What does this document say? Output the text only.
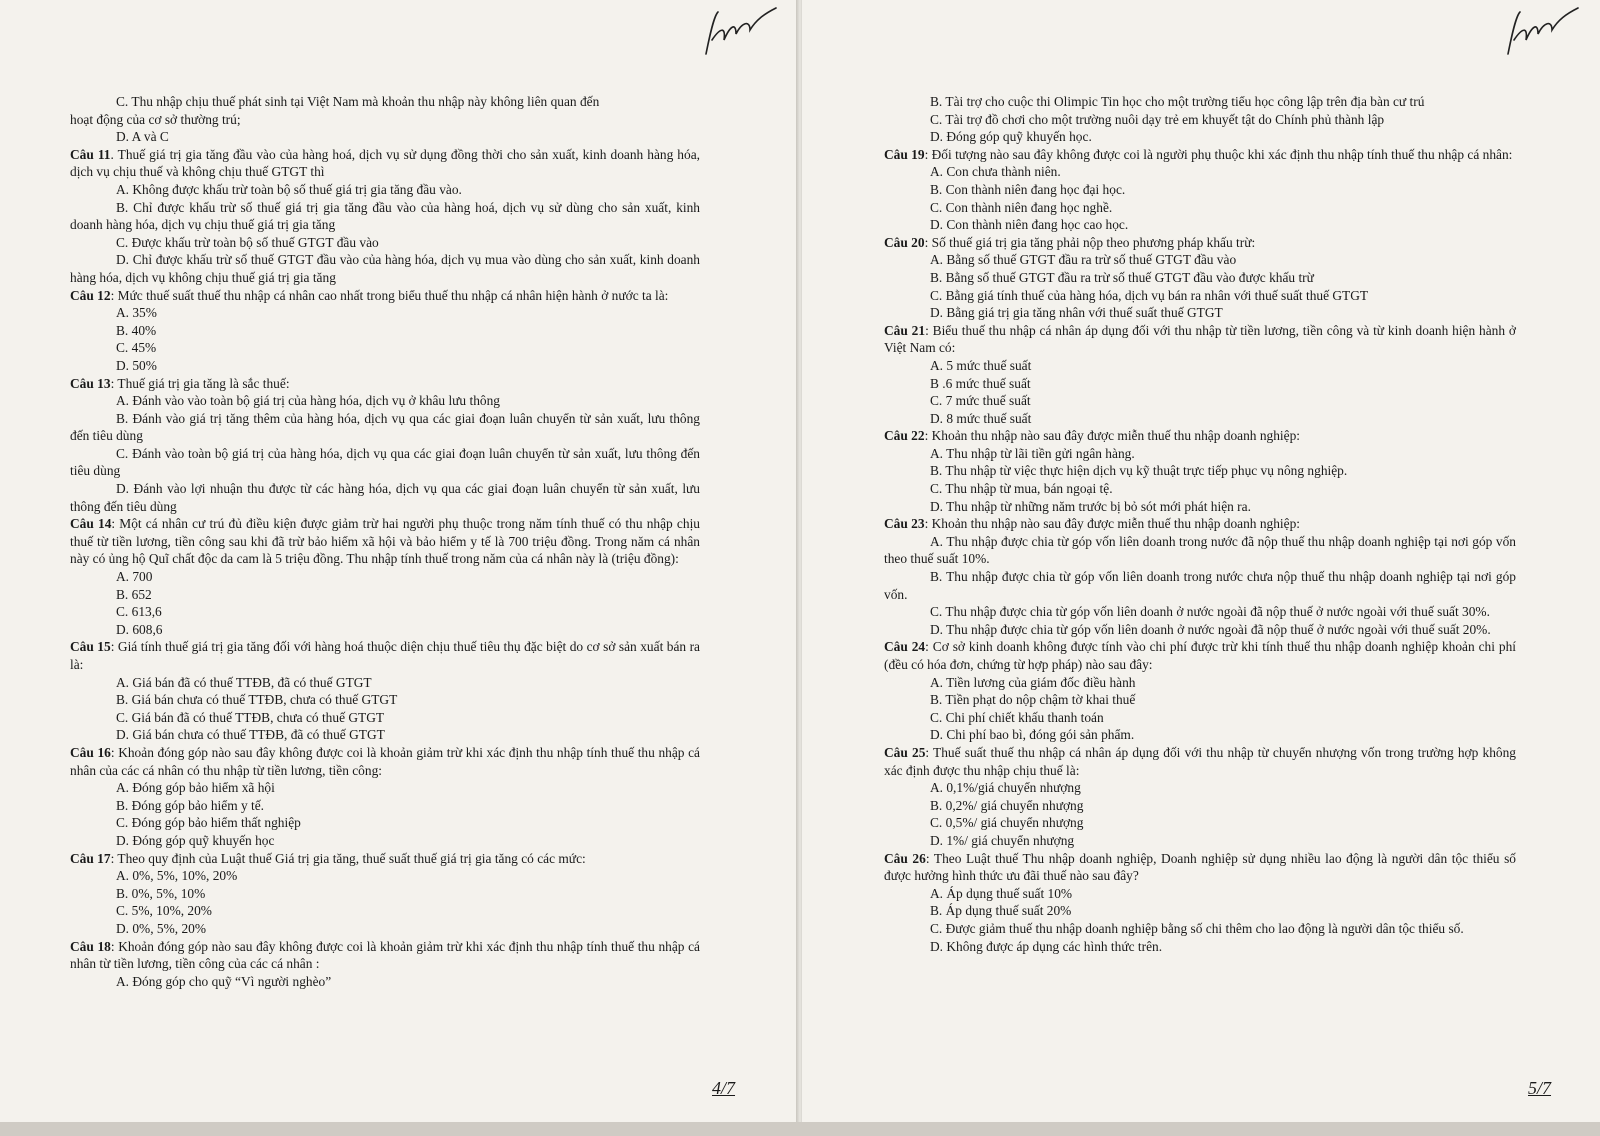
C. Thu nhập chịu thuế phát sinh tại Việt Nam mà khoản thu nhập này không liên quan đến

hoạt động của cơ sở thường trú;

D. A và C

Câu 11. Thuế giá trị gia tăng đầu vào của hàng hoá, dịch vụ sử dụng đồng thời cho sản xuất, kinh doanh hàng hóa, dịch vụ chịu thuế và không chịu thuế GTGT thì

A. Không được khấu trừ toàn bộ số thuế giá trị gia tăng đầu vào.

B. Chỉ được khấu trừ số thuế giá trị gia tăng đầu vào của hàng hoá, dịch vụ sử dùng cho sản xuất, kinh doanh hàng hóa, dịch vụ chịu thuế giá trị gia tăng

C. Được khấu trừ toàn bộ số thuế GTGT đầu vào

D. Chỉ được khấu trừ số thuế GTGT đầu vào của hàng hóa, dịch vụ mua vào dùng cho sản xuất, kinh doanh hàng hóa, dịch vụ không chịu thuế giá trị gia tăng

Câu 12: Mức thuế suất thuế thu nhập cá nhân cao nhất trong biểu thuế thu nhập cá nhân hiện hành ở nước ta là:

A. 35%

B. 40%

C. 45%

D. 50%

Câu 13: Thuế giá trị gia tăng là sắc thuế:

A. Đánh vào vào toàn bộ giá trị của hàng hóa, dịch vụ ở khâu lưu thông

B. Đánh vào giá trị tăng thêm của hàng hóa, dịch vụ qua các giai đoạn luân chuyển từ sản xuất, lưu thông đến tiêu dùng

C. Đánh vào toàn bộ giá trị của hàng hóa, dịch vụ qua các giai đoạn luân chuyển từ sản xuất, lưu thông đến tiêu dùng

D. Đánh vào lợi nhuận thu được từ các hàng hóa, dịch vụ qua các giai đoạn luân chuyển từ sản xuất, lưu thông đến tiêu dùng

Câu 14: Một cá nhân cư trú đủ điều kiện được giảm trừ hai người phụ thuộc trong năm tính thuế có thu nhập chịu thuế từ tiền lương, tiền công sau khi đã trừ bảo hiểm xã hội và bảo hiểm y tế là 700 triệu đồng. Trong năm cá nhân này có ủng hộ Quĩ chất độc da cam là 5 triệu đồng. Thu nhập tính thuế trong năm của cá nhân này là (triệu đồng):

A. 700

B. 652

C. 613,6

D. 608,6

Câu 15: Giá tính thuế giá trị gia tăng đối với hàng hoá thuộc diện chịu thuế tiêu thụ đặc biệt do cơ sở sản xuất bán ra là:

A. Giá bán đã có thuế TTĐB, đã có thuế GTGT

B. Giá bán chưa có thuế TTĐB, chưa có thuế GTGT

C. Giá bán đã có thuế TTĐB, chưa có thuế GTGT

D. Giá bán chưa có thuế TTĐB, đã có thuế GTGT

Câu 16: Khoản đóng góp nào sau đây không được coi là khoản giảm trừ khi xác định thu nhập tính thuế thu nhập cá nhân của các cá nhân có thu nhập từ tiền lương, tiền công:

A. Đóng góp bảo hiểm xã hội

B. Đóng góp bảo hiểm y tế.

C. Đóng góp bảo hiểm thất nghiệp

D. Đóng góp quỹ khuyến học

Câu 17: Theo quy định của Luật thuế Giá trị gia tăng, thuế suất thuế giá trị gia tăng có các mức:

A. 0%, 5%, 10%, 20%

B. 0%, 5%, 10%

C. 5%, 10%, 20%

D. 0%, 5%, 20%

Câu 18: Khoản đóng góp nào sau đây không được coi là khoản giảm trừ khi xác định thu nhập tính thuế thu nhập cá nhân từ tiền lương, tiền công của các cá nhân :

A. Đóng góp cho quỹ “Vì người nghèo”

4/7

B. Tài trợ cho cuộc thi Olimpic Tin học cho một trường tiểu học công lập trên địa bàn cư trú

C. Tài trợ đồ chơi cho một trường nuôi dạy trẻ em khuyết tật do Chính phủ thành lập

D. Đóng góp quỹ khuyến học.

Câu 19: Đối tượng nào sau đây không được coi là người phụ thuộc khi xác định thu nhập tính thuế thu nhập cá nhân:

A. Con chưa thành niên.

B. Con thành niên đang học đại học.

C. Con thành niên đang học nghề.

D. Con thành niên đang học cao học.

Câu 20: Số thuế giá trị gia tăng phải nộp theo phương pháp khấu trừ:

A. Bằng số thuế GTGT đầu ra trừ số thuế GTGT đầu vào

B. Bằng số thuế GTGT đầu ra trừ số thuế GTGT đầu vào được khấu trừ

C. Bằng giá tính thuế của hàng hóa, dịch vụ bán ra nhân với thuế suất thuế GTGT

D. Bằng giá trị gia tăng nhân với thuế suất thuế GTGT

Câu 21: Biểu thuế thu nhập cá nhân áp dụng đối với thu nhập từ tiền lương, tiền công và từ kinh doanh hiện hành ở Việt Nam có:

A. 5 mức thuế suất

B .6 mức thuế suất

C. 7 mức thuế suất

D. 8 mức thuế suất

Câu 22: Khoản thu nhập nào sau đây được miễn thuế thu nhập doanh nghiệp:

A. Thu nhập từ lãi tiền gửi ngân hàng.

B. Thu nhập từ việc thực hiện dịch vụ kỹ thuật trực tiếp phục vụ nông nghiệp.

C. Thu nhập từ mua, bán ngoại tệ.

D. Thu nhập từ những năm trước bị bỏ sót mới phát hiện ra.

Câu 23: Khoản thu nhập nào sau đây được miễn thuế thu nhập doanh nghiệp:

A. Thu nhập được chia từ góp vốn liên doanh trong nước đã nộp thuế thu nhập doanh nghiệp tại nơi góp vốn theo thuế suất 10%.

B. Thu nhập được chia từ góp vốn liên doanh trong nước chưa nộp thuế thu nhập doanh nghiệp tại nơi góp vốn.

C. Thu nhập được chia từ góp vốn liên doanh ở nước ngoài đã nộp thuế ở nước ngoài với thuế suất 30%.

D. Thu nhập được chia từ góp vốn liên doanh ở nước ngoài đã nộp thuế ở nước ngoài với thuế suất 20%.

Câu 24: Cơ sở kinh doanh không được tính vào chi phí được trừ khi tính thuế thu nhập doanh nghiệp khoản chi phí (đều có hóa đơn, chứng từ hợp pháp) nào sau đây:

A. Tiền lương của giám đốc điều hành

B. Tiền phạt do nộp chậm tờ khai thuế

C. Chi phí chiết khấu thanh toán

D. Chi phí bao bì, đóng gói sản phẩm.

Câu 25: Thuế suất thuế thu nhập cá nhân áp dụng đối với thu nhập từ chuyển nhượng vốn trong trường hợp không xác định được thu nhập chịu thuế là:

A. 0,1%/giá chuyển nhượng

B. 0,2%/ giá chuyển nhượng

C. 0,5%/ giá chuyển nhượng

D. 1%/ giá chuyển nhượng

Câu 26: Theo Luật thuế Thu nhập doanh nghiệp, Doanh nghiệp sử dụng nhiều lao động là người dân tộc thiểu số được hưởng hình thức ưu đãi thuế nào sau đây?

A. Áp dụng thuế suất 10%

B. Áp dụng thuế suất 20%

C. Được giảm thuế thu nhập doanh nghiệp bằng số chi thêm cho lao động là người dân tộc thiểu số.

D. Không được áp dụng các hình thức trên.

5/7
